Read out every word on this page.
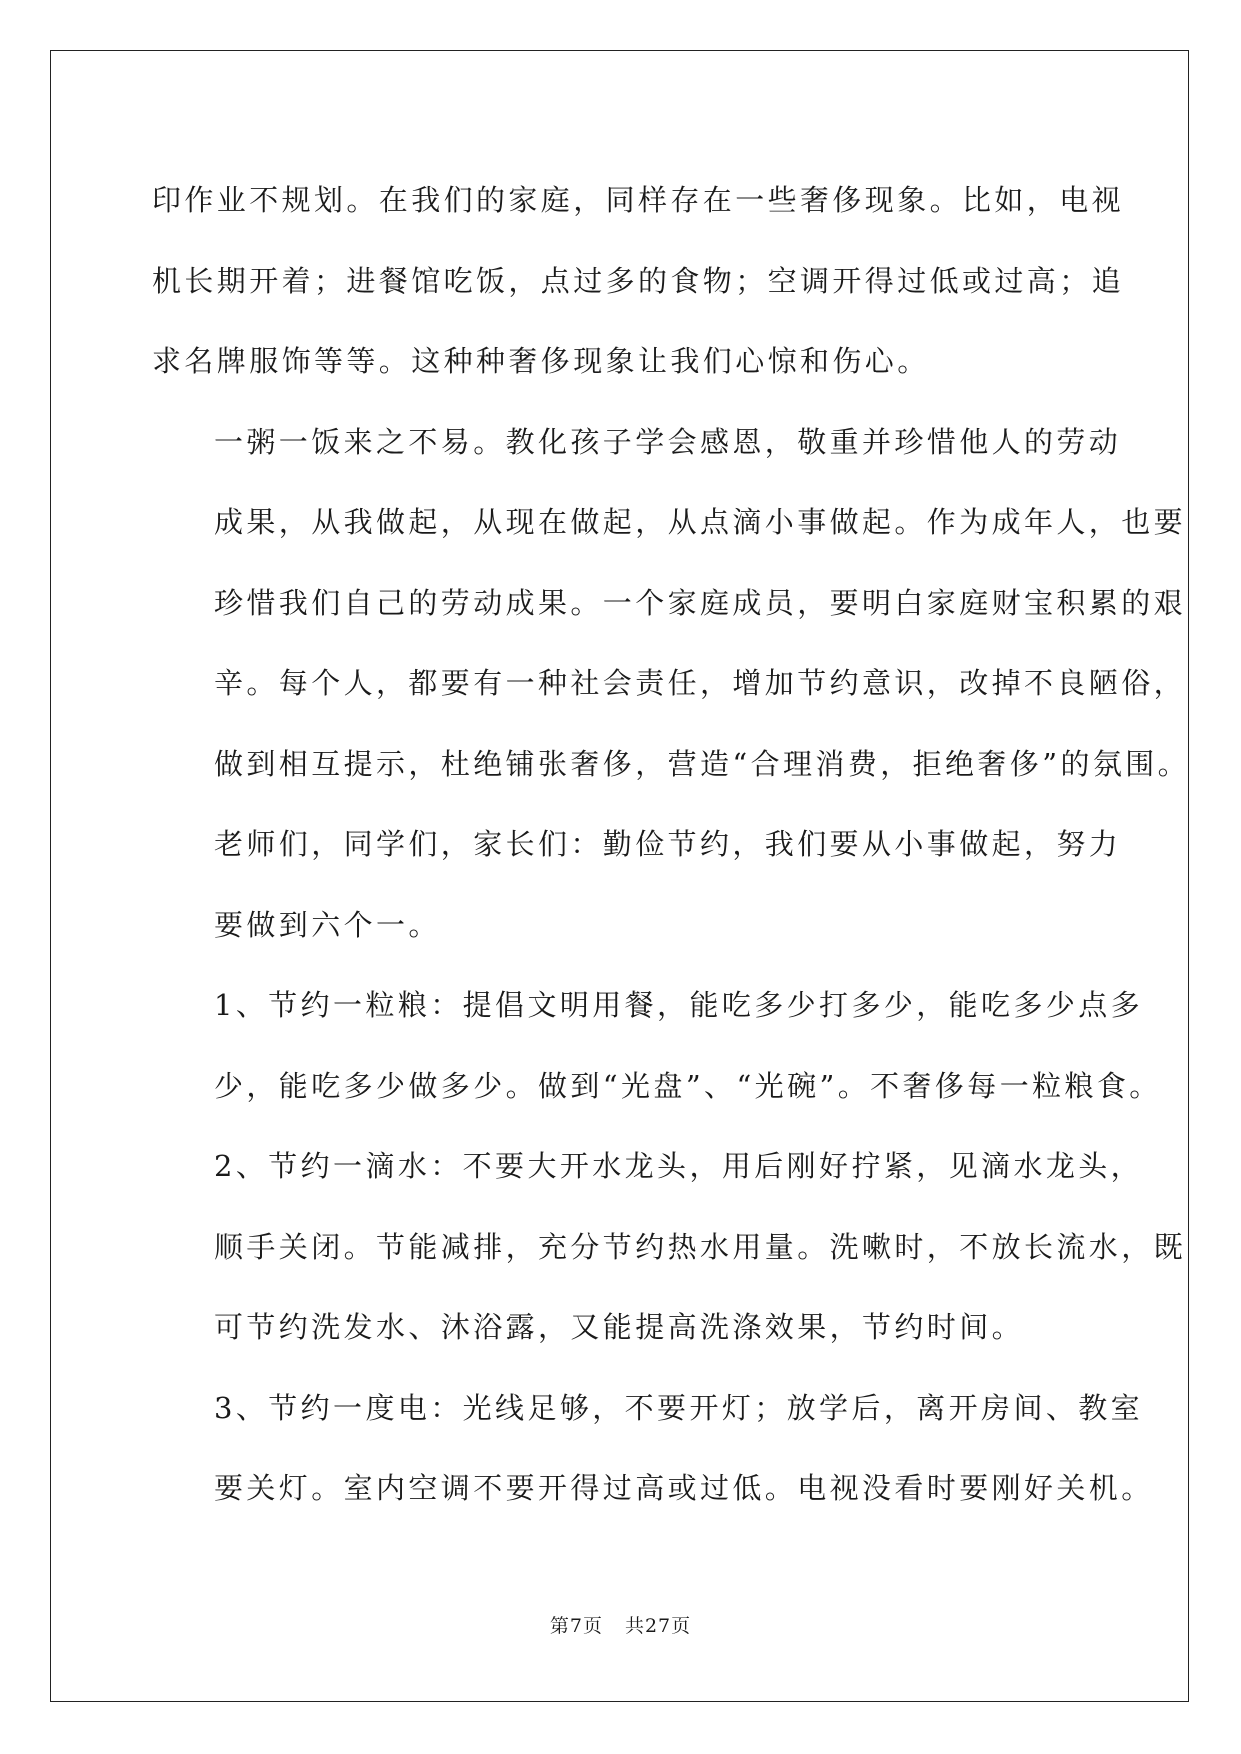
印作业不规划。在我们的家庭，同样存在一些奢侈现象。比如，电视
机长期开着；进餐馆吃饭，点过多的食物；空调开得过低或过高；追
求名牌服饰等等。这种种奢侈现象让我们心惊和伤心。

一粥一饭来之不易。教化孩子学会感恩，敬重并珍惜他人的劳动
成果，从我做起，从现在做起，从点滴小事做起。作为成年人，也要
珍惜我们自己的劳动成果。一个家庭成员，要明白家庭财宝积累的艰
辛。每个人，都要有一种社会责任，增加节约意识，改掉不良陋俗，
做到相互提示，杜绝铺张奢侈，营造“合理消费，拒绝奢侈”的氛围。

老师们，同学们，家长们：勤俭节约，我们要从小事做起，努力
要做到六个一。

1、节约一粒粮：提倡文明用餐，能吃多少打多少，能吃多少点多
少，能吃多少做多少。做到“光盘”、“光碗”。不奢侈每一粒粮食。

2、节约一滴水：不要大开水龙头，用后刚好拧紧，见滴水龙头，
顺手关闭。节能减排，充分节约热水用量。洗嗽时，不放长流水，既
可节约洗发水、沐浴露，又能提高洗涤效果，节约时间。

3、节约一度电：光线足够，不要开灯；放学后，离开房间、教室
要关灯。室内空调不要开得过高或过低。电视没看时要刚好关机。

第7页 共27页
